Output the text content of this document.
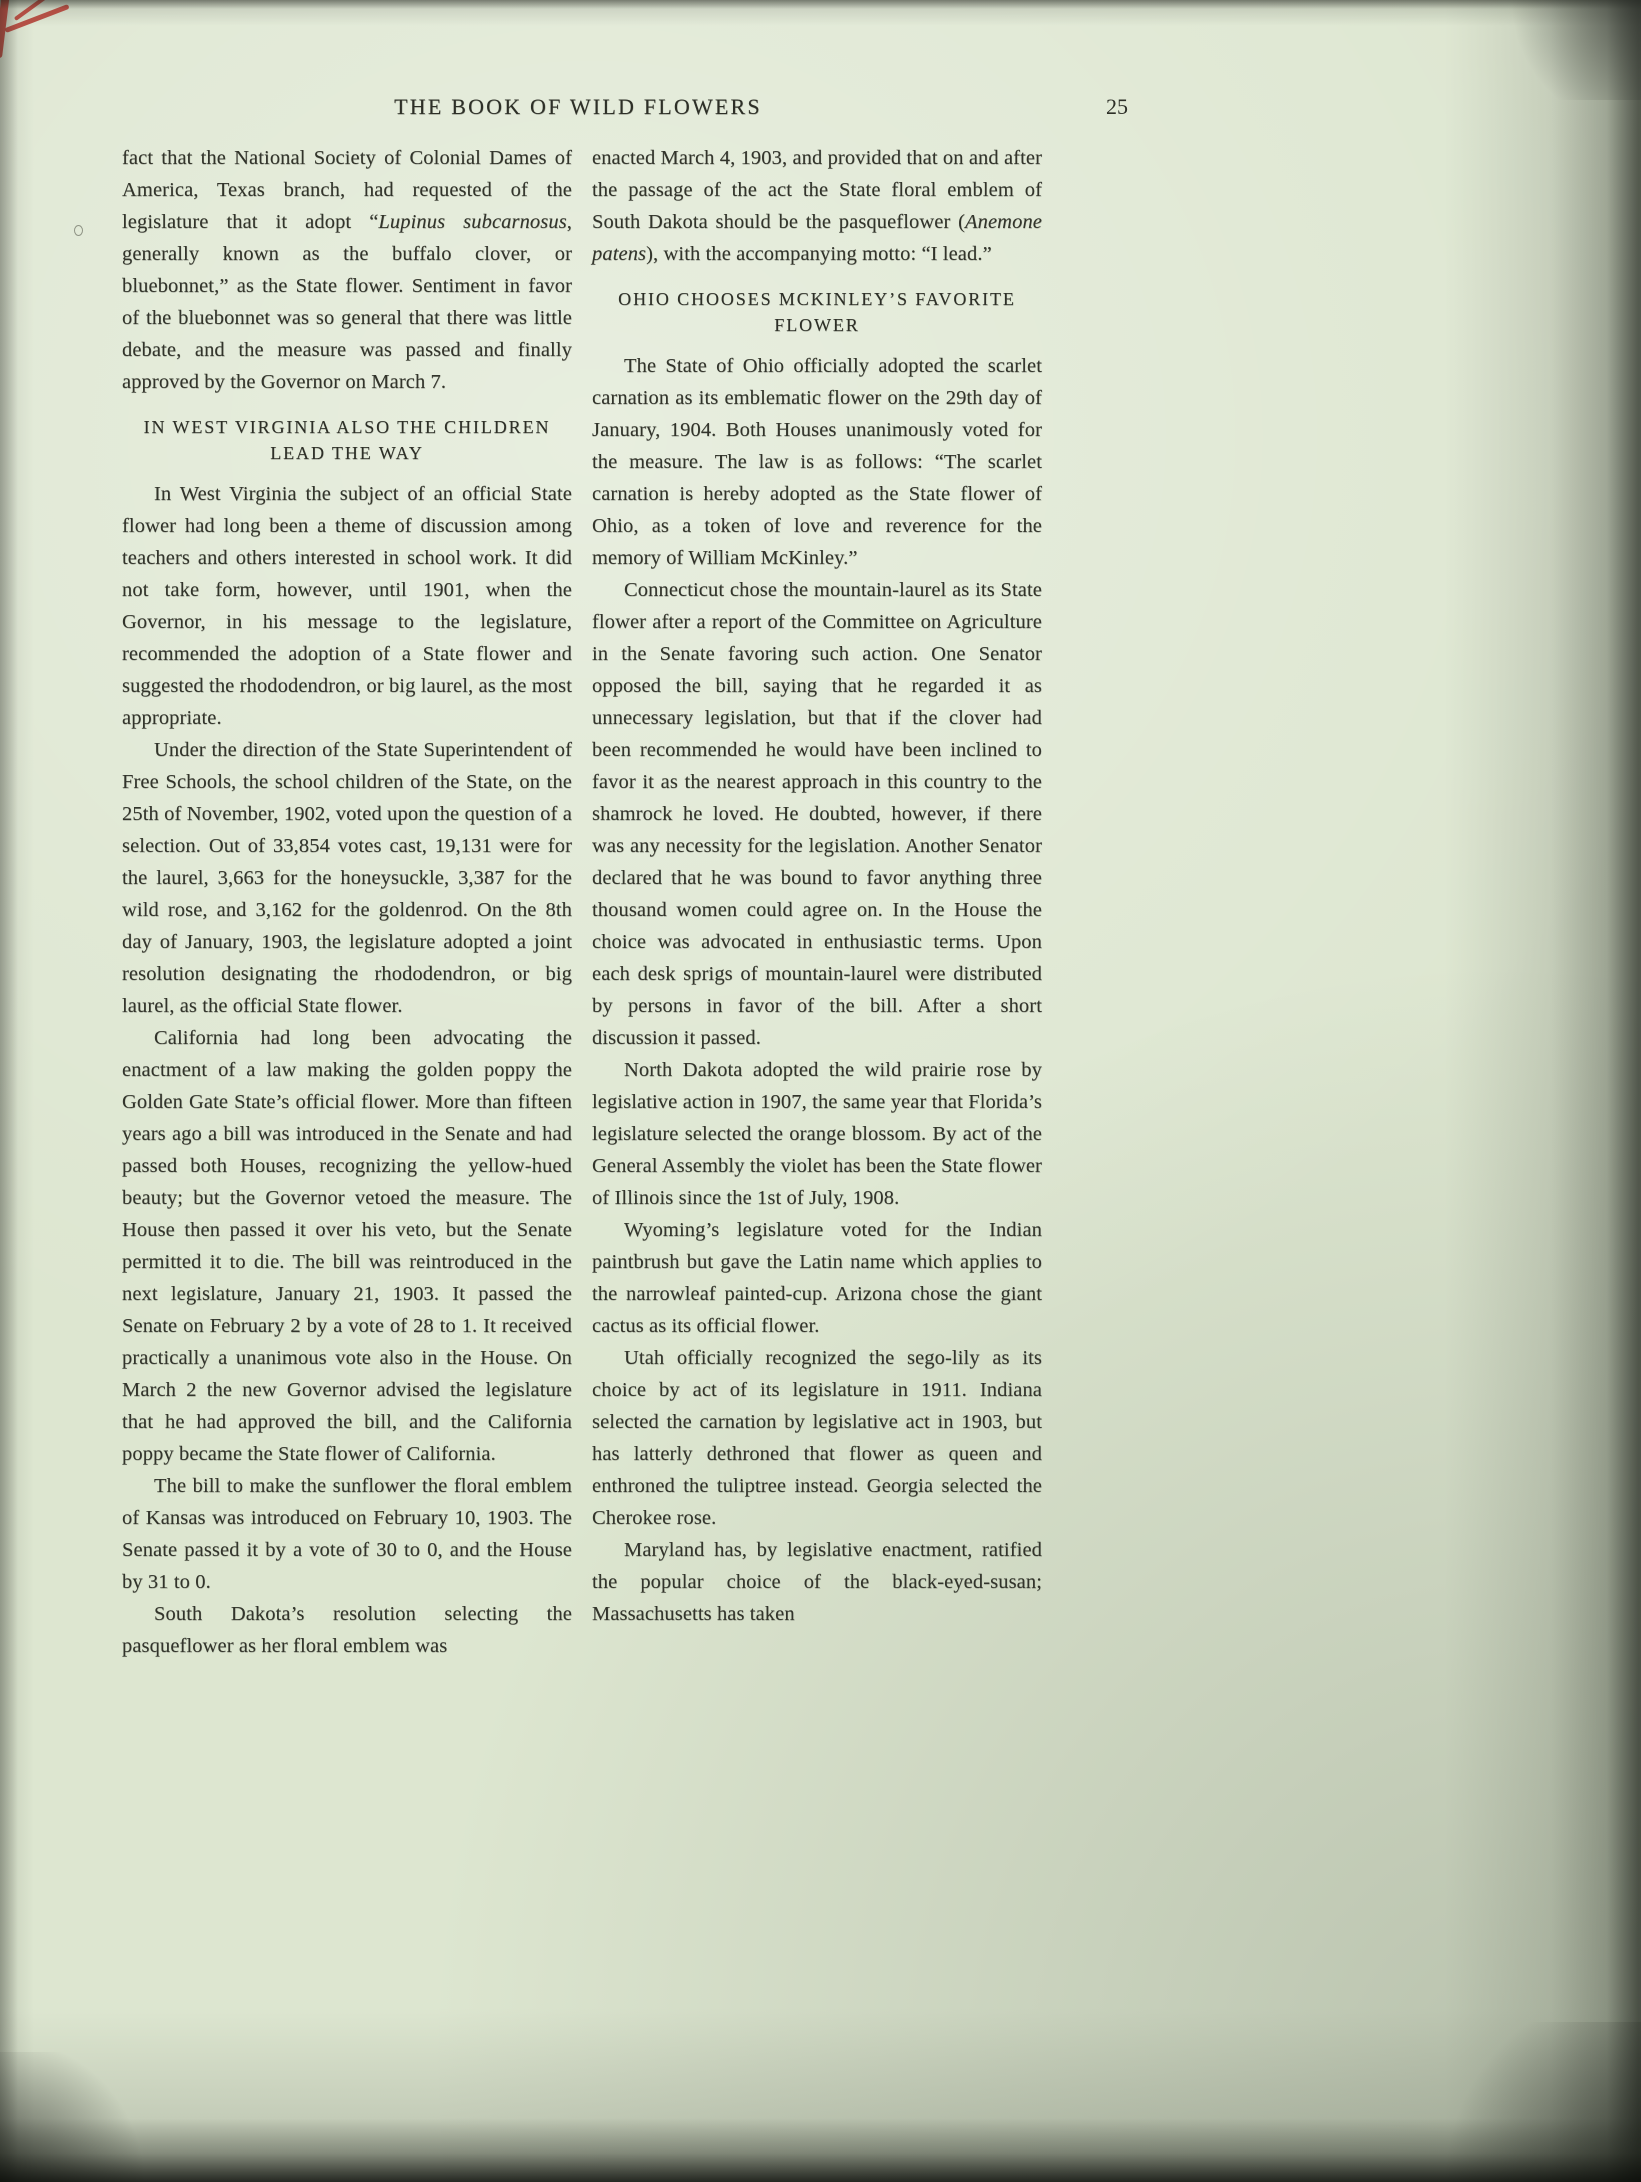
THE BOOK OF WILD FLOWERS	25

fact that the National Society of Colonial Dames of America, Texas branch, had requested of the legislature that it adopt “Lupinus subcarnosus, generally known as the buffalo clover, or bluebonnet,” as the State flower. Sentiment in favor of the bluebonnet was so general that there was little debate, and the measure was passed and finally approved by the Governor on March 7.

IN WEST VIRGINIA ALSO THE CHILDREN LEAD THE WAY

In West Virginia the subject of an official State flower had long been a theme of discussion among teachers and others interested in school work. It did not take form, however, until 1901, when the Governor, in his message to the legislature, recommended the adoption of a State flower and suggested the rhododendron, or big laurel, as the most appropriate.

Under the direction of the State Superintendent of Free Schools, the school children of the State, on the 25th of November, 1902, voted upon the question of a selection. Out of 33,854 votes cast, 19,131 were for the laurel, 3,663 for the honeysuckle, 3,387 for the wild rose, and 3,162 for the goldenrod. On the 8th day of January, 1903, the legislature adopted a joint resolution designating the rhododendron, or big laurel, as the official State flower.

California had long been advocating the enactment of a law making the golden poppy the Golden Gate State’s official flower. More than fifteen years ago a bill was introduced in the Senate and had passed both Houses, recognizing the yellow-hued beauty; but the Governor vetoed the measure. The House then passed it over his veto, but the Senate permitted it to die. The bill was reintroduced in the next legislature, January 21, 1903. It passed the Senate on February 2 by a vote of 28 to 1. It received practically a unanimous vote also in the House. On March 2 the new Governor advised the legislature that he had approved the bill, and the California poppy became the State flower of California.

The bill to make the sunflower the floral emblem of Kansas was introduced on February 10, 1903. The Senate passed it by a vote of 30 to 0, and the House by 31 to 0.

South Dakota’s resolution selecting the pasqueflower as her floral emblem was

enacted March 4, 1903, and provided that on and after the passage of the act the State floral emblem of South Dakota should be the pasqueflower (Anemone patens), with the accompanying motto: “I lead.”

OHIO CHOOSES MCKINLEY’S FAVORITE FLOWER

The State of Ohio officially adopted the scarlet carnation as its emblematic flower on the 29th day of January, 1904. Both Houses unanimously voted for the measure. The law is as follows: “The scarlet carnation is hereby adopted as the State flower of Ohio, as a token of love and reverence for the memory of William McKinley.”

Connecticut chose the mountain-laurel as its State flower after a report of the Committee on Agriculture in the Senate favoring such action. One Senator opposed the bill, saying that he regarded it as unnecessary legislation, but that if the clover had been recommended he would have been inclined to favor it as the nearest approach in this country to the shamrock he loved. He doubted, however, if there was any necessity for the legislation. Another Senator declared that he was bound to favor anything three thousand women could agree on. In the House the choice was advocated in enthusiastic terms. Upon each desk sprigs of mountain-laurel were distributed by persons in favor of the bill. After a short discussion it passed.

North Dakota adopted the wild prairie rose by legislative action in 1907, the same year that Florida’s legislature selected the orange blossom. By act of the General Assembly the violet has been the State flower of Illinois since the 1st of July, 1908.

Wyoming’s legislature voted for the Indian paintbrush but gave the Latin name which applies to the narrowleaf painted-cup. Arizona chose the giant cactus as its official flower.

Utah officially recognized the sego-lily as its choice by act of its legislature in 1911. Indiana selected the carnation by legislative act in 1903, but has latterly dethroned that flower as queen and enthroned the tuliptree instead. Georgia selected the Cherokee rose.

Maryland has, by legislative enactment, ratified the popular choice of the black-eyed-susan; Massachusetts has taken
